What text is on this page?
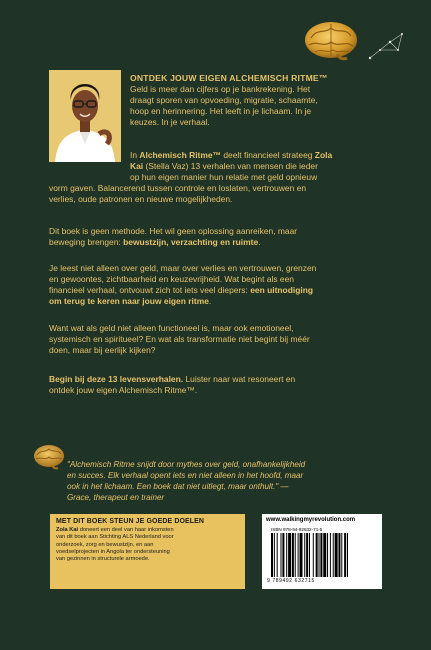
ONTDEK JOUW EIGEN ALCHEMISCH RITME™
Geld is meer dan cijfers op je bankrekening. Het
draagt sporen van opvoeding, migratie, schaamte,
hoop en herinnering. Het leeft in je lichaam. In je
keuzes. In je verhaal.
In Alchemisch Ritme™ deelt financieel strateeg Zola
Kai (Stella Vaz) 13 verhalen van mensen die ieder
op hun eigen manier hun relatie met geld opnieuw
vorm gaven. Balancerend tussen controle en loslaten, vertrouwen en
verlies, oude patronen en nieuwe mogelijkheden.
Dit boek is geen methode. Het wil geen oplossing aanreiken, maar
beweging brengen: bewustzijn, verzachting en ruimte.
Je leest niet alleen over geld, maar over verlies en vertrouwen, grenzen
en gewoontes, zichtbaarheid en keuzevrijheid. Wat begint als een
financieel verhaal, ontvouwt zich tot iets veel diepers: een uitnodiging
om terug te keren naar jouw eigen ritme.
Want wat als geld niet alleen functioneel is, maar ook emotioneel,
systemisch en spiritueel? En wat als transformatie niet begint bij méér
doen, maar bij eerlijk kijken?
Begin bij deze 13 levensverhalen. Luister naar wat resoneert en
ontdek jouw eigen Alchemisch Ritme™.
"Alchemisch Ritme snijdt door mythes over geld, onafhankelijkheid
en succes. Elk verhaal opent iets en niet alleen in het hoofd, maar
ook in het lichaam. Een boek dat niet uitlegt, maar onthult." —
Grace, therapeut en trainer
MET DIT BOEK STEUN JE GOEDE DOELEN
Zola Kai doneert een deel van haar inkomsten
van dit boek aan Stichting ALS Nederland voor
onderzoek, zorg en bewustzijn, en aan
voedselprojecten in Angola ter ondersteuning
van gezinnen in structurele armoede.
www.walkingmyrevolution.com
ISBN 978-94-92632-71-5
9 789492 632715
